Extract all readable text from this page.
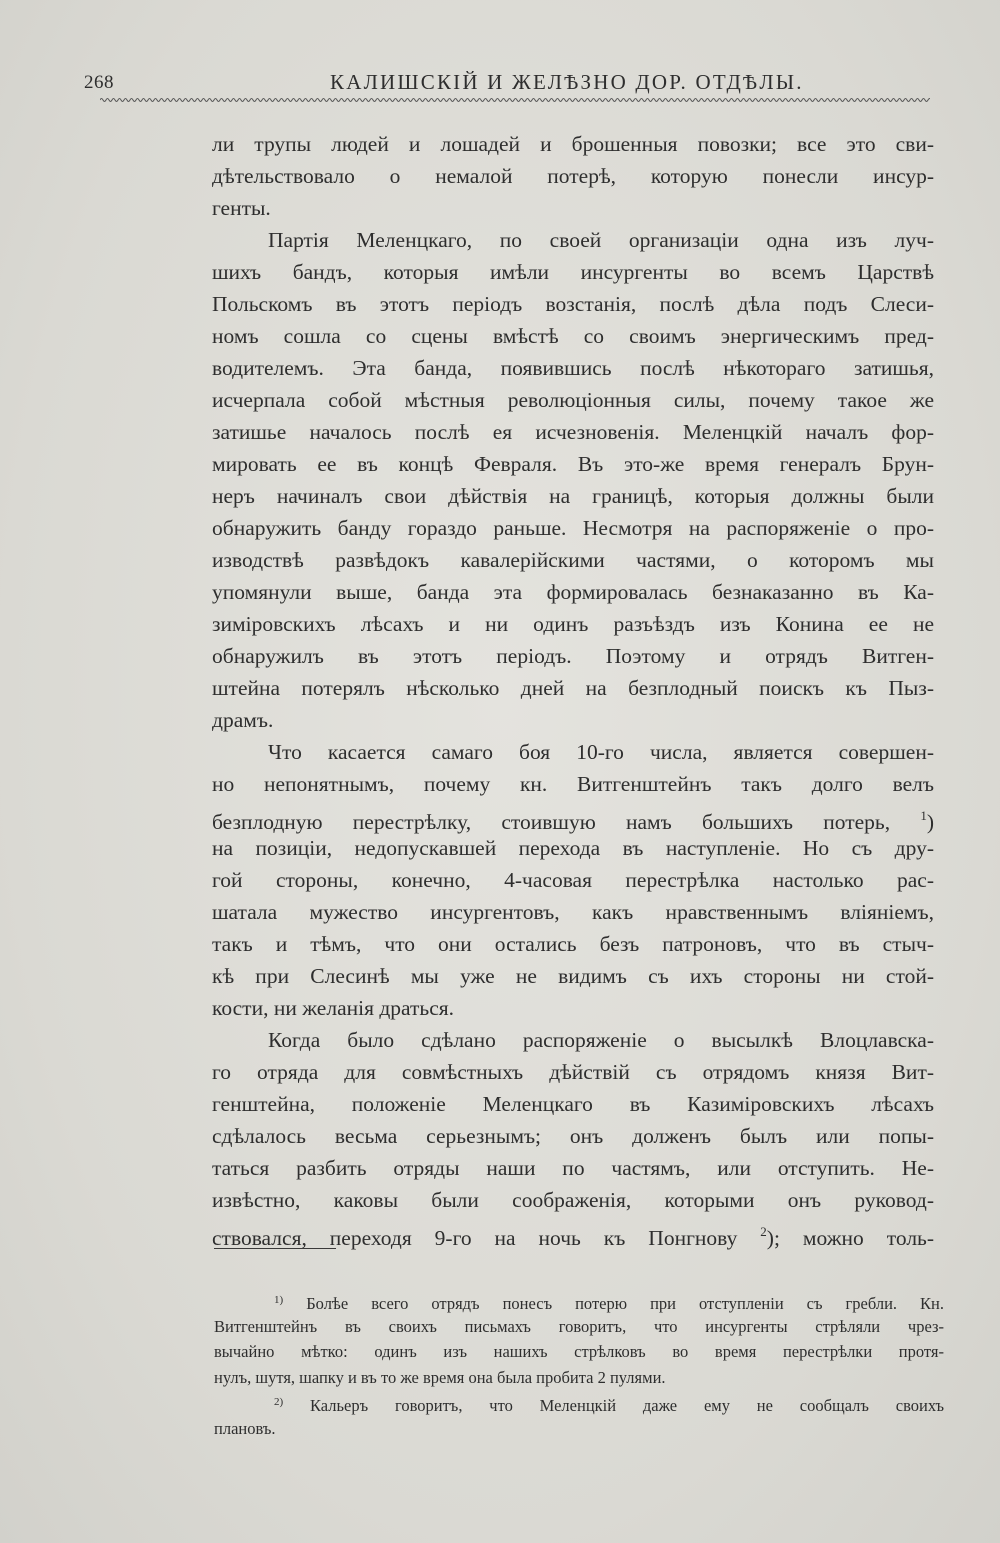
268	КАЛИШСКІЙ И ЖЕЛѢЗНО ДОР. ОТДѢЛЫ.
ли трупы людей и лошадей и брошенныя повозки; все это сви-
дѣтельствовало о немалой потерѣ, которую понесли инсур-
генты.
Партія Меленцкаго, по своей организаціи одна изъ луч-
шихъ бандъ, которыя имѣли инсургенты во всемъ Царствѣ
Польскомъ въ этотъ періодъ возстанія, послѣ дѣла подъ Слеси-
номъ сошла со сцены вмѣстѣ со своимъ энергическимъ пред-
водителемъ. Эта банда, появившись послѣ нѣкотораго затишья,
исчерпала собой мѣстныя революціонныя силы, почему такое же
затишье началось послѣ ея исчезновенія. Меленцкій началъ фор-
мировать ее въ концѣ Февраля. Въ это-же время генералъ Брун-
неръ начиналъ свои дѣйствія на границѣ, которыя должны были
обнаружить банду гораздо раньше. Несмотря на распоряженіе о про-
изводствѣ развѣдокъ кавалерійскими частями, о которомъ мы
упомянули выше, банда эта формировалась безнаказанно въ Ка-
зиміровскихъ лѣсахъ и ни одинъ разъѣздъ изъ Конина ее не
обнаружилъ въ этотъ періодъ. Поэтому и отрядъ Витген-
штейна потерялъ нѣсколько дней на безплодный поискъ къ Пыз-
драмъ.
Что касается самаго боя 10-го числа, является совершен-
но непонятнымъ, почему кн. Витгенштейнъ такъ долго велъ
безплодную перестрѣлку, стоившую намъ большихъ потерь, $^1$)
на позиціи, недопускавшей перехода въ наступленіе. Но съ дру-
гой стороны, конечно, 4-часовая перестрѣлка настолько рас-
шатала мужество инсургентовъ, какъ нравственнымъ вліяніемъ,
такъ и тѣмъ, что они остались безъ патроновъ, что въ стыч-
кѣ при Слесинѣ мы уже не видимъ съ ихъ стороны ни стой-
кости, ни желанія драться.
Когда было сдѣлано распоряженіе о высылкѣ Влоцлавска-
го отряда для совмѣстныхъ дѣйствій съ отрядомъ князя Вит-
генштейна, положеніе Меленцкаго въ Казиміровскихъ лѣсахъ
сдѣлалось весьма серьезнымъ; онъ долженъ былъ или попы-
таться разбить отряды наши по частямъ, или отступить. Не-
извѣстно, каковы были соображенія, которыми онъ руковод-
ствовался, переходя 9-го на ночь къ Понгнову $^2$); можно толь-
$^{1)}$ Болѣе всего отрядъ понесъ потерю при отступленіи съ гребли. Кн.
Витгенштейнъ въ своихъ письмахъ говоритъ, что инсургенты стрѣляли чрез-
вычайно мѣтко: одинъ изъ нашихъ стрѣлковъ во время перестрѣлки протя-
нулъ, шутя, шапку и въ то же время она была пробита 2 пулями.
$^{2)}$ Кальеръ говоритъ, что Меленцкій даже ему не сообщалъ своихъ
плановъ.
